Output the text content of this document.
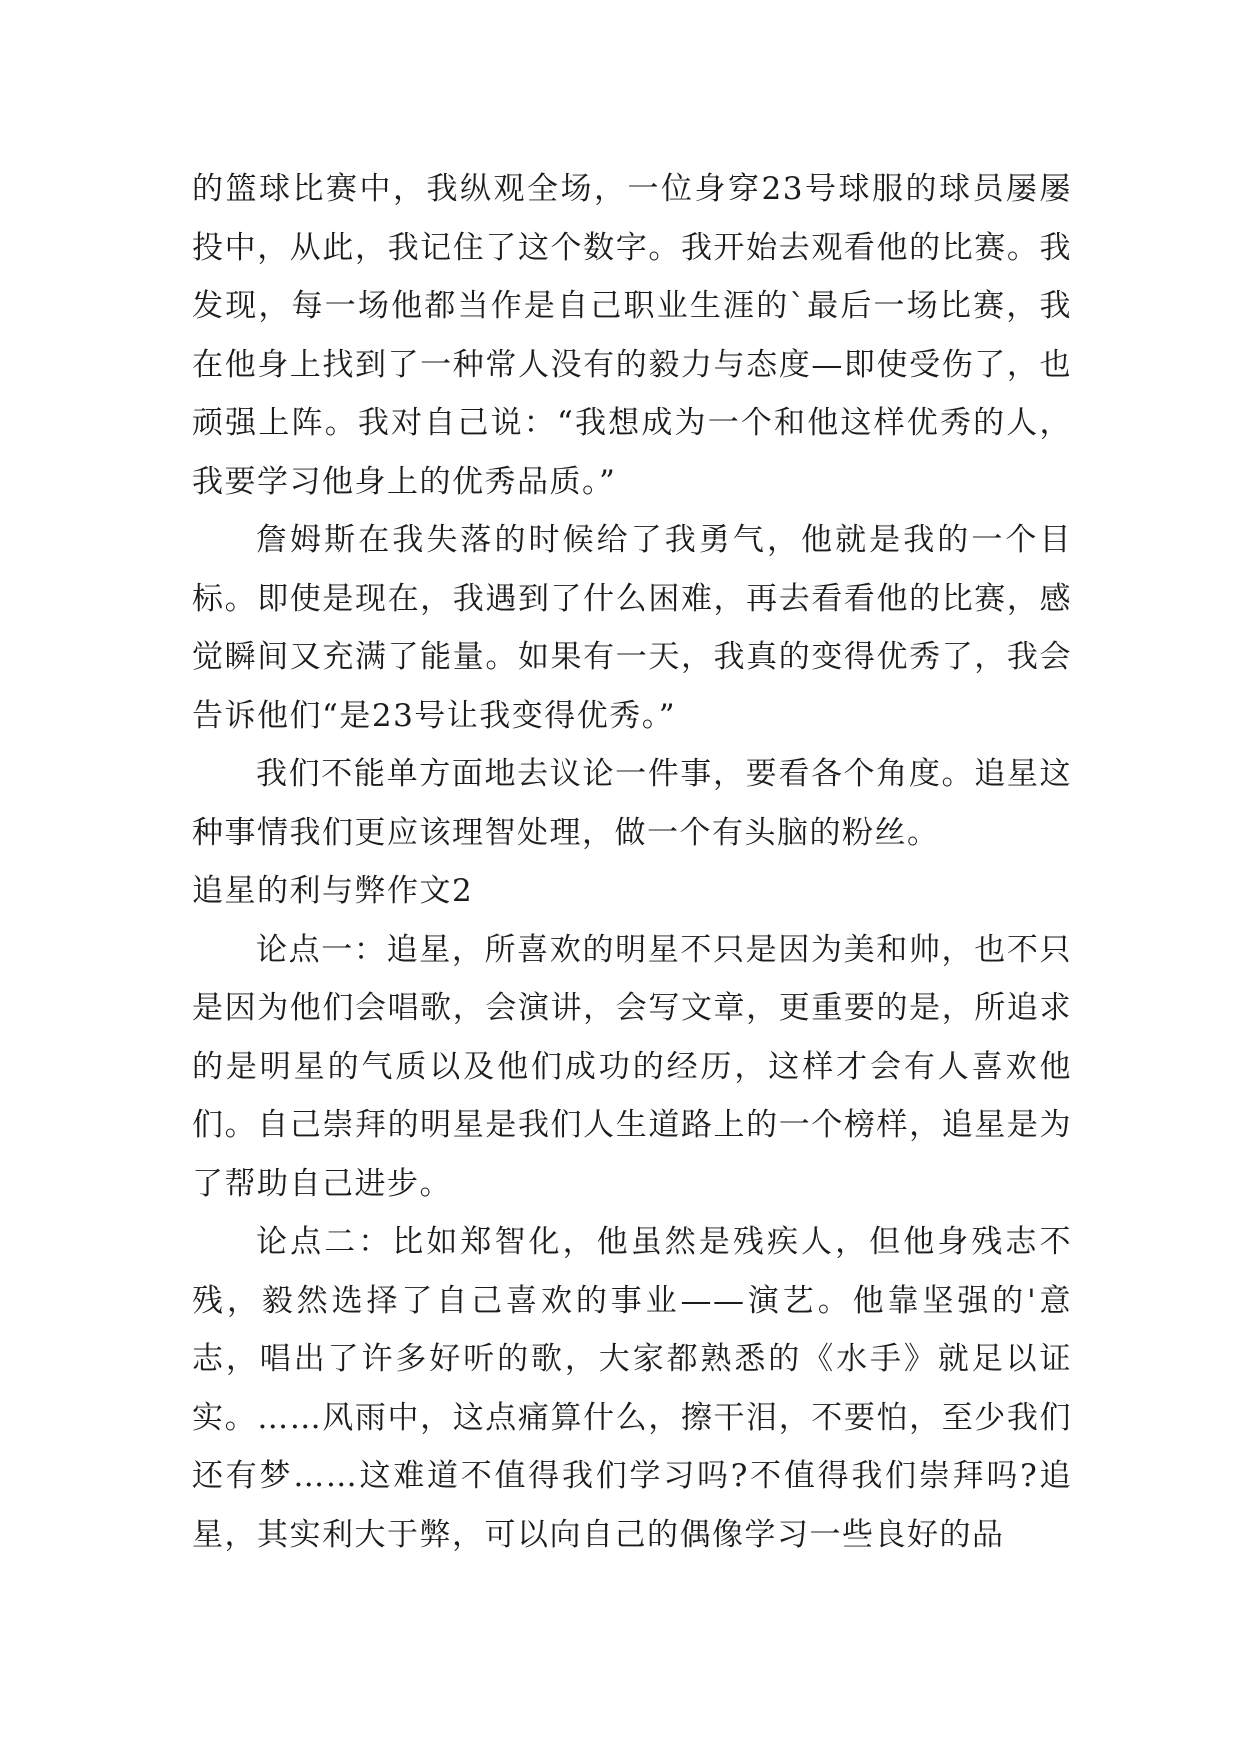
的篮球比赛中，我纵观全场，一位身穿23号球服的球员屡屡投中，从此，我记住了这个数字。我开始去观看他的比赛。我发现，每一场他都当作是自己职业生涯的`最后一场比赛，我在他身上找到了一种常人没有的毅力与态度—即使受伤了，也顽强上阵。我对自己说：“我想成为一个和他这样优秀的人，我要学习他身上的优秀品质。”

詹姆斯在我失落的时候给了我勇气，他就是我的一个目标。即使是现在，我遇到了什么困难，再去看看他的比赛，感觉瞬间又充满了能量。如果有一天，我真的变得优秀了，我会告诉他们“是23号让我变得优秀。”

我们不能单方面地去议论一件事，要看各个角度。追星这种事情我们更应该理智处理，做一个有头脑的粉丝。

追星的利与弊作文2

论点一：追星，所喜欢的明星不只是因为美和帅，也不只是因为他们会唱歌，会演讲，会写文章，更重要的是，所追求的是明星的气质以及他们成功的经历，这样才会有人喜欢他们。自己崇拜的明星是我们人生道路上的一个榜样，追星是为了帮助自己进步。

论点二：比如郑智化，他虽然是残疾人，但他身残志不残，毅然选择了自己喜欢的事业——演艺。他靠坚强的'意志，唱出了许多好听的歌，大家都熟悉的《水手》就足以证实。……风雨中，这点痛算什么，擦干泪，不要怕，至少我们还有梦……这难道不值得我们学习吗?不值得我们崇拜吗?追星，其实利大于弊，可以向自己的偶像学习一些良好的品
